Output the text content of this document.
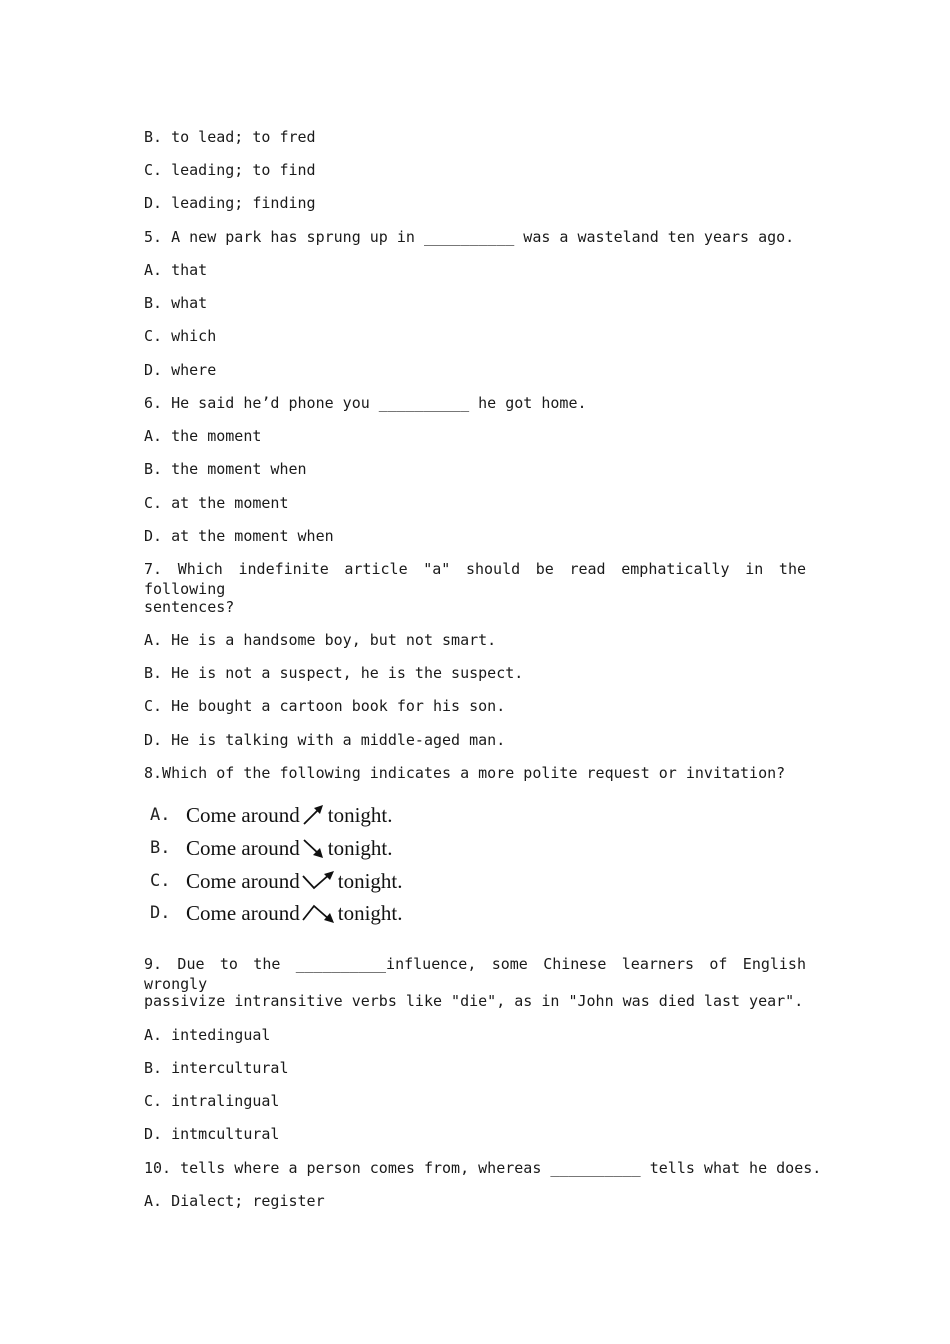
B. to lead; to fred
C. leading; to find
D. leading; finding
5. A new park has sprung up in __________ was a wasteland ten years ago.
A. that
B. what
C. which
D. where
6. He said he’d phone you __________ he got home.
A. the moment
B. the moment when
C. at the moment
D. at the moment when
7. Which indefinite article "a" should be read emphatically in the following
sentences?
A. He is a handsome boy, but not smart.
B. He is not a suspect, he is the suspect.
C. He bought a cartoon book for his son.
D. He is talking with a middle-aged man.
8.Which of the following indicates a more polite request or invitation?
A. Come around tonight.
B. Come around tonight.
C. Come around tonight.
D. Come around tonight.
9. Due to the __________influence, some Chinese learners of English wrongly
passivize intransitive verbs like "die", as in "John was died last year".
A. intedingual
B. intercultural
C. intralingual
D. intmcultural
10. tells where a person comes from, whereas __________ tells what he does.
A. Dialect; register
